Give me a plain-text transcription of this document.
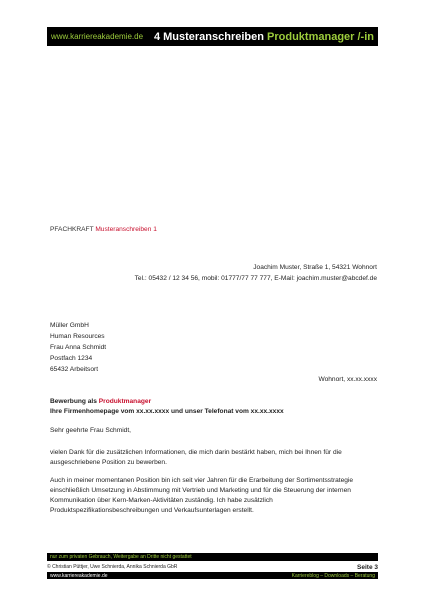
www.karriereakademie.de 4 Musteranschreiben Produktmanager /-in
PFACHKRAFT Musteranschreiben 1
Joachim Muster, Straße 1, 54321 Wohnort
Tel.: 05432 / 12 34 56, mobil: 01777/77 77 777, E-Mail: joachim.muster@abcdef.de
Müller GmbH
Human Resources
Frau Anna Schmidt
Postfach 1234
65432 Arbeitsort
Wohnort, xx.xx.xxxx
Bewerbung als Produktmanager
Ihre Firmenhomepage vom xx.xx.xxxx und unser Telefonat vom xx.xx.xxxx
Sehr geehrte Frau Schmidt,
vielen Dank für die zusätzlichen Informationen, die mich darin bestärkt haben, mich bei Ihnen für die ausgeschriebene Position zu bewerben.
Auch in meiner momentanen Position bin ich seit vier Jahren für die Erarbeitung der Sortimentsstrategie einschließlich Umsetzung in Abstimmung mit Vertrieb und Marketing und für die Steuerung der internen Kommunikation über Kern-Marken-Aktivitäten zuständig. Ich habe zusätzlich Produktspezifikationsbeschreibungen und Verkaufsunterlagen erstellt.
nur zum privaten Gebrauch, Weitergabe an Dritte nicht gestattet
© Christian Püttjer, Uwe Schnierda, Annika Schnierda GbR	Seite 3
www.karriereakademie.de	Karriereblog – Downloads – Beratung
